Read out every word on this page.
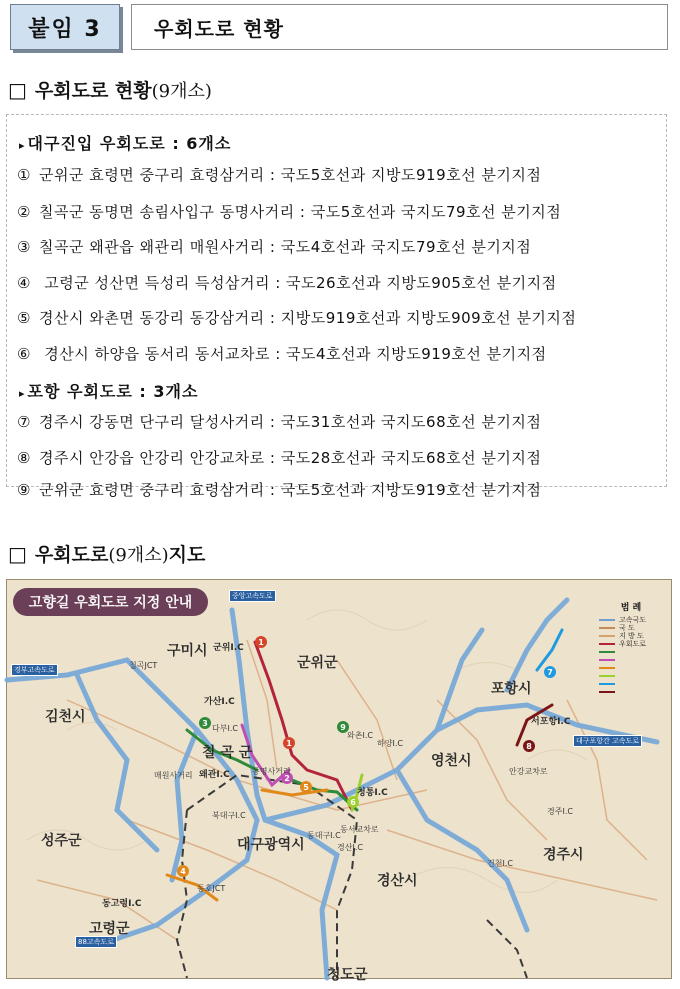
붙임 3	우회도로 현황
□ 우회도로 현황 (9개소)
▸ 대구진입 우회도로 : 6개소
① 군위군 효령면 중구리 효령삼거리 : 국도5호선과 지방도919호선 분기지점
② 칠곡군 동명면 송림사입구 동명사거리 : 국도5호선과 국지도79호선 분기지점
③ 칠곡군 왜관읍 왜관리 매원사거리 : 국도4호선과 국지도79호선 분기지점
④ 고령군 성산면 득성리 득성삼거리 : 국도26호선과 지방도905호선 분기지점
⑤ 경산시 와촌면 동강리 동강삼거리 : 지방도919호선과 지방도909호선 분기지점
⑥ 경산시 하양읍 동서리 동서교차로 : 국도4호선과 지방도919호선 분기지점
▸ 포항 우회도로 : 3개소
⑦ 경주시 강동면 단구리 달성사거리 : 국도31호선과 국지도68호선 분기지점
⑧ 경주시 안강읍 안강리 안강교차로 : 국도28호선과 국지도68호선 분기지점
⑨ 군위군 효령면 중구리 효령삼거리 : 국도5호선과 지방도919호선 분기지점
□ 우회도로 (9개소) 지도
1
1
2
3
4
5
6
7
8
9
고향길 우회도로 지정 안내	범 례
고속국도
국 도
지 방 도
우회도로
중앙고속도로
경부고속도로
대구포항간 고속도로
88고속도로
구미시
김천시
군위군
칠 곡 군
포항시
영천시
성주군	대구광역시
경산시
경주시
고령군
청도군
군위I.C
가산I.C
왜관I.C
청통I.C
서포항I.C
동고령I.C
칠곡JCT
동명사거리
매원사거리
동서교차로
안강교차로
다부I.C
북대구I.C
동대구I.C
경산I.C
건천I.C
경주I.C
와촌I.C
하양I.C
동호JCT
